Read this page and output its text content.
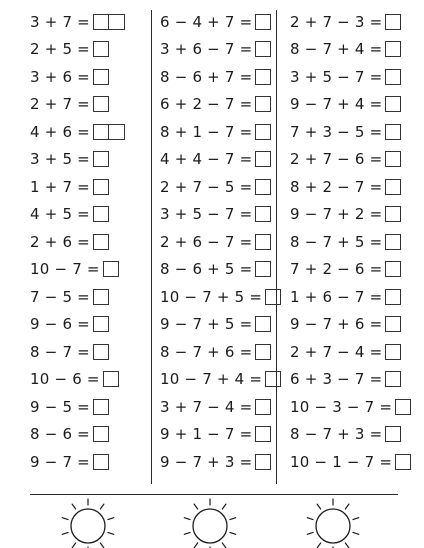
3 + 7 =
2 + 5 =
3 + 6 =
2 + 7 =
4 + 6 =
3 + 5 =
1 + 7 =
4 + 5 =
2 + 6 =
10 − 7 =
7 − 5 =
9 − 6 =
8 − 7 =
10 − 6 =
9 − 5 =
8 − 6 =
9 − 7 =
6 − 4 + 7 =
3 + 6 − 7 =
8 − 6 + 7 =
6 + 2 − 7 =
8 + 1 − 7 =
4 + 4 − 7 =
2 + 7 − 5 =
3 + 5 − 7 =
2 + 6 − 7 =
8 − 6 + 5 =
10 − 7 + 5 =
9 − 7 + 5 =
8 − 7 + 6 =
10 − 7 + 4 =
3 + 7 − 4 =
9 + 1 − 7 =
9 − 7 + 3 =
2 + 7 − 3 =
8 − 7 + 4 =
3 + 5 − 7 =
9 − 7 + 4 =
7 + 3 − 5 =
2 + 7 − 6 =
8 + 2 − 7 =
9 − 7 + 2 =
8 − 7 + 5 =
7 + 2 − 6 =
1 + 6 − 7 =
9 − 7 + 6 =
2 + 7 − 4 =
6 + 3 − 7 =
10 − 3 − 7 =
8 − 7 + 3 =
10 − 1 − 7 =
